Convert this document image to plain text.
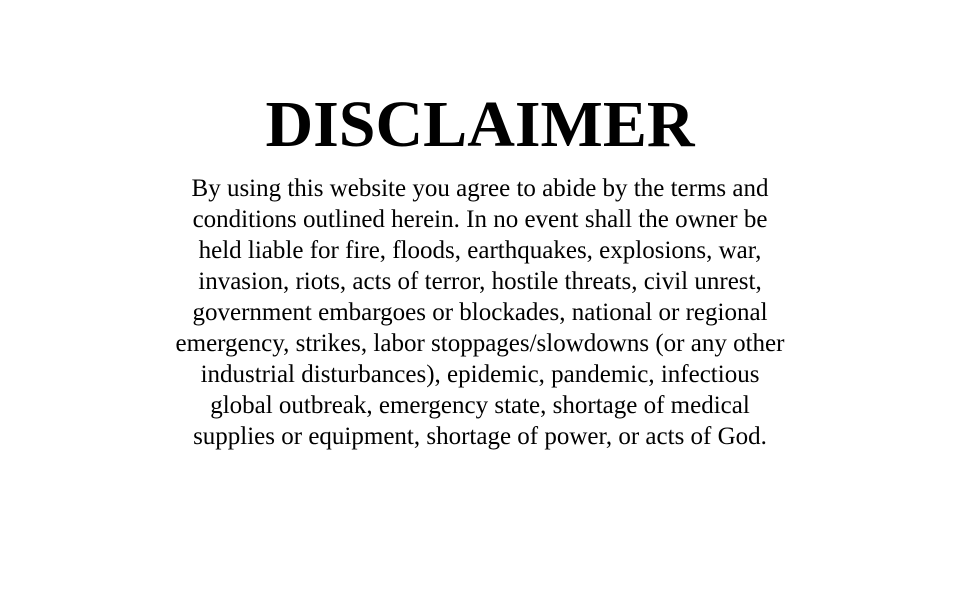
DISCLAIMER

By using this website you agree to abide by the terms and conditions outlined herein. In no event shall the owner be held liable for fire, floods, earthquakes, explosions, war, invasion, riots, acts of terror, hostile threats, civil unrest, government embargoes or blockades, national or regional emergency, strikes, labor stoppages/slowdowns (or any other industrial disturbances), epidemic, pandemic, infectious global outbreak, emergency state, shortage of medical supplies or equipment, shortage of power, or acts of God.
